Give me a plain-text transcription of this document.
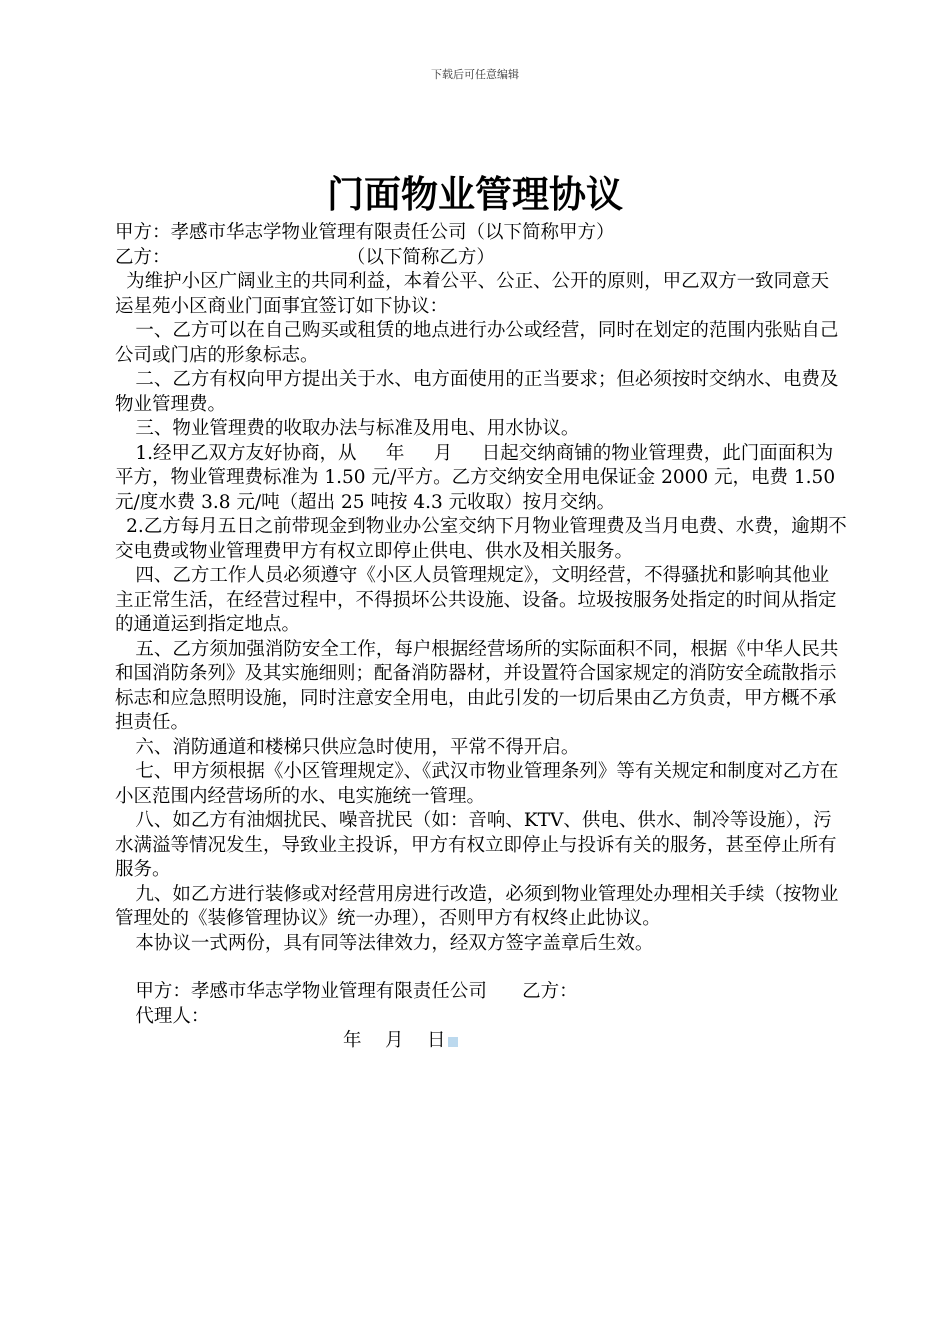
下载后可任意编辑
门面物业管理协议

甲方：孝感市华志学物业管理有限责任公司（以下简称甲方）

乙方：                              （以下简称乙方）

为维护小区广阔业主的共同利益，本着公平、公正、公开的原则，甲乙双方一致同意天运星苑小区商业门面事宜签订如下协议：

一、乙方可以在自己购买或租赁的地点进行办公或经营，同时在划定的范围内张贴自己公司或门店的形象标志。

二、乙方有权向甲方提出关于水、电方面使用的正当要求；但必须按时交纳水、电费及物业管理费。

三、物业管理费的收取办法与标准及用电、用水协议。

1.经甲乙双方友好协商，从     年     月     日起交纳商铺的物业管理费，此门面面积为         平方，物业管理费标准为 1.50 元/平方。乙方交纳安全用电保证金 2000 元，电费 1.50 元/度水费 3.8 元/吨（超出 25 吨按 4.3 元收取）按月交纳。

2.乙方每月五日之前带现金到物业办公室交纳下月物业管理费及当月电费、水费，逾期不交电费或物业管理费甲方有权立即停止供电、供水及相关服务。

四、乙方工作人员必须遵守《小区人员管理规定》，文明经营，不得骚扰和影响其他业主正常生活，在经营过程中，不得损坏公共设施、设备。垃圾按服务处指定的时间从指定的通道运到指定地点。

五、乙方须加强消防安全工作，每户根据经营场所的实际面积不同，根据《中华人民共和国消防条列》及其实施细则；配备消防器材，并设置符合国家规定的消防安全疏散指示标志和应急照明设施，同时注意安全用电，由此引发的一切后果由乙方负责，甲方概不承担责任。

六、消防通道和楼梯只供应急时使用，平常不得开启。

七、甲方须根据《小区管理规定》、《武汉市物业管理条列》等有关规定和制度对乙方在小区范围内经营场所的水、电实施统一管理。

八、如乙方有油烟扰民、噪音扰民（如：音响、KTV、供电、供水、制冷等设施），污水满溢等情况发生，导致业主投诉，甲方有权立即停止与投诉有关的服务，甚至停止所有服务。

九、如乙方进行装修或对经营用房进行改造，必须到物业管理处办理相关手续（按物业管理处的《装修管理协议》统一办理），否则甲方有权终止此协议。

本协议一式两份，具有同等法律效力，经双方签字盖章后生效。

甲方：孝感市华志学物业管理有限责任公司 乙方：

代理人：

年    月    日
